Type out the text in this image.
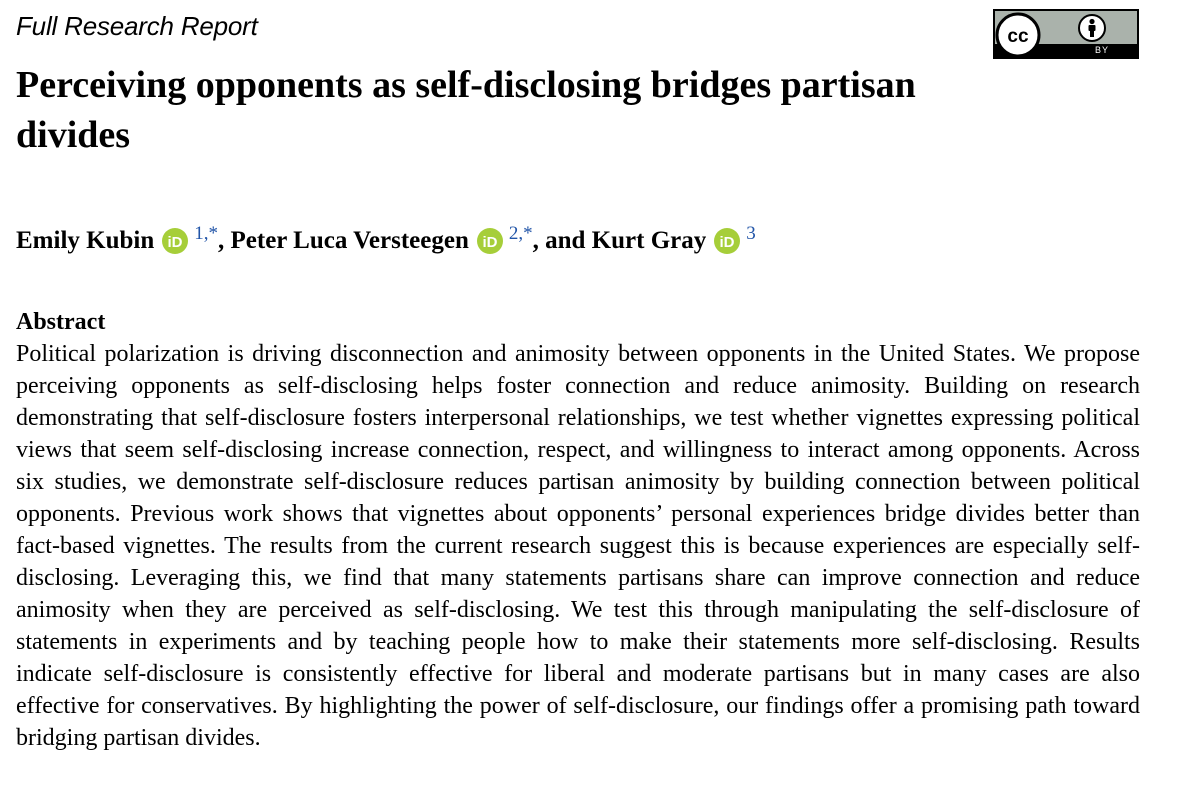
Full Research Report	cc
BY
Perceiving opponents as self-disclosing bridges partisan divides
Emily Kubin iD $^{1,*}$, Peter Luca Versteegen iD $^{2,*}$, and Kurt Gray iD $^3$
Abstract

Political polarization is driving disconnection and animosity between opponents in the United States. We propose perceiving opponents as self-disclosing helps foster connection and reduce animosity. Building on research demonstrating that self-disclosure fosters interpersonal relationships, we test whether vignettes expressing political views that seem self-disclosing increase connection, respect, and willingness to interact among opponents. Across six studies, we demonstrate self-disclosure reduces partisan animosity by building connection between political opponents. Previous work shows that vignettes about opponents’ personal experiences bridge divides better than fact-based vignettes. The results from the current research suggest this is because experiences are especially self-disclosing. Leveraging this, we find that many statements partisans share can improve connection and reduce animosity when they are perceived as self-disclosing. We test this through manipulating the self-disclosure of statements in experiments and by teaching people how to make their statements more self-disclosing. Results indicate self-disclosure is consistently effective for liberal and moderate partisans but in many cases are also effective for conservatives. By highlighting the power of self-disclosure, our findings offer a promising path toward bridging partisan divides.
